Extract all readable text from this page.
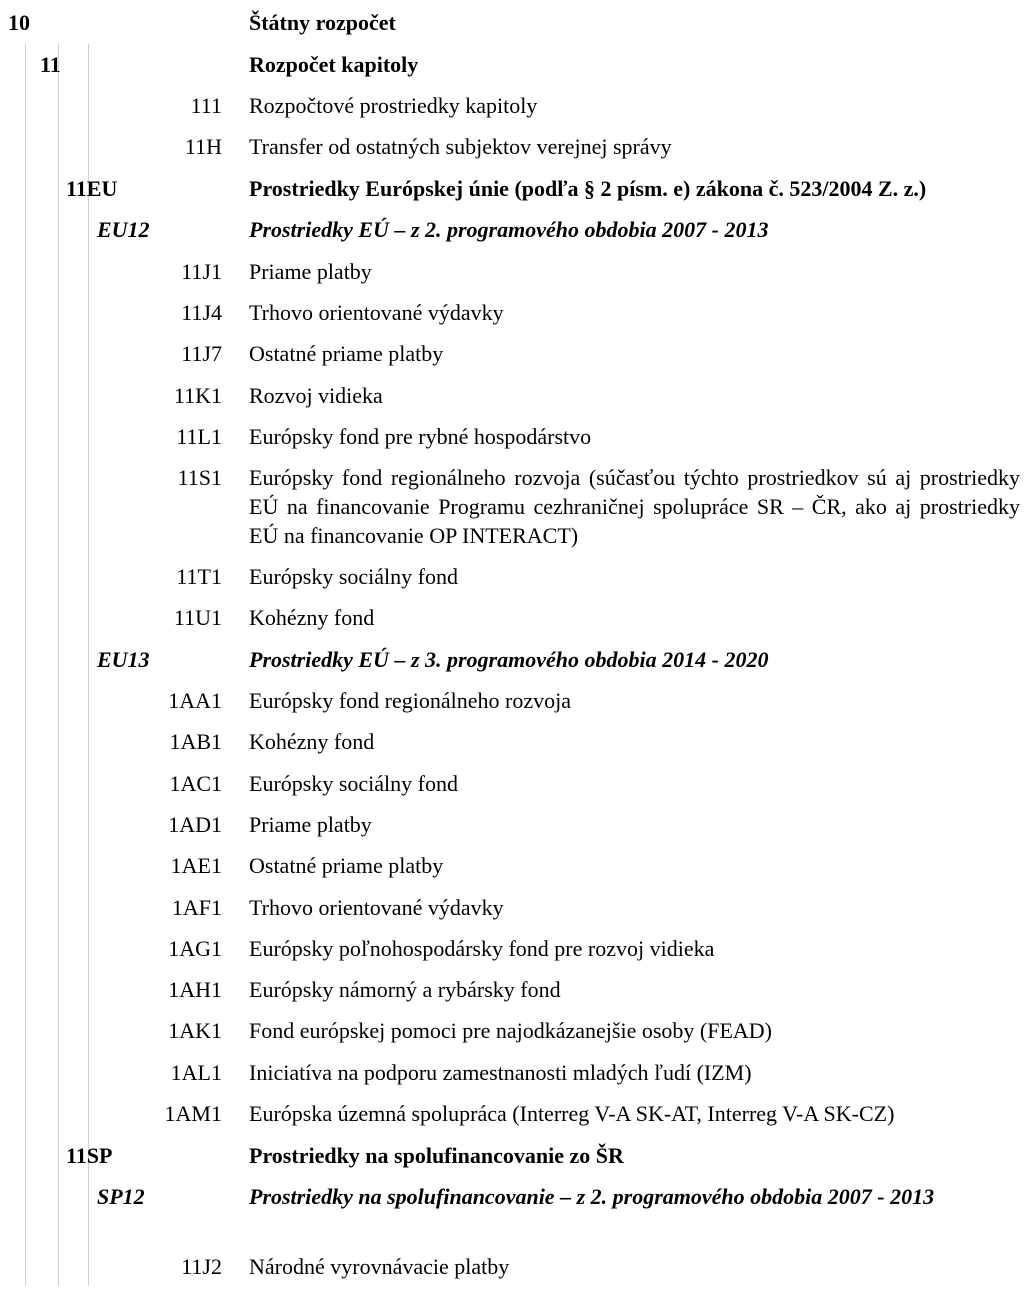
10	Štátny rozpočet
11	Rozpočet kapitoly
111 Rozpočtové prostriedky kapitoly
11H Transfer od ostatných subjektov verejnej správy
11EU	Prostriedky Európskej únie (podľa § 2 písm. e) zákona č. 523/2004 Z. z.)
EU12	Prostriedky EÚ – z 2. programového obdobia 2007 - 2013
11J1 Priame platby
11J4 Trhovo orientované výdavky
11J7 Ostatné priame platby
11K1 Rozvoj vidieka
11L1 Európsky fond pre rybné hospodárstvo
11S1 Európsky fond regionálneho rozvoja (súčasťou týchto prostriedkov sú aj prostriedky EÚ na financovanie Programu cezhraničnej spolupráce SR – ČR, ako aj prostriedky EÚ na financovanie OP INTERACT)
11T1 Európsky sociálny fond
11U1 Kohézny fond
EU13	Prostriedky EÚ – z 3. programového obdobia 2014 - 2020
1AA1 Európsky fond regionálneho rozvoja
1AB1 Kohézny fond
1AC1 Európsky sociálny fond
1AD1 Priame platby
1AE1 Ostatné priame platby
1AF1 Trhovo orientované výdavky
1AG1 Európsky poľnohospodársky fond pre rozvoj vidieka
1AH1 Európsky námorný a rybársky fond
1AK1 Fond európskej pomoci pre najodkázanejšie osoby (FEAD)
1AL1 Iniciatíva na podporu zamestnanosti mladých ľudí (IZM)
1AM1 Európska územná spolupráca (Interreg V-A SK-AT, Interreg V-A SK-CZ)
11SP	Prostriedky na spolufinancovanie zo ŠR
SP12	Prostriedky na spolufinancovanie – z 2. programového obdobia 2007 - 2013
11J2 Národné vyrovnávacie platby
